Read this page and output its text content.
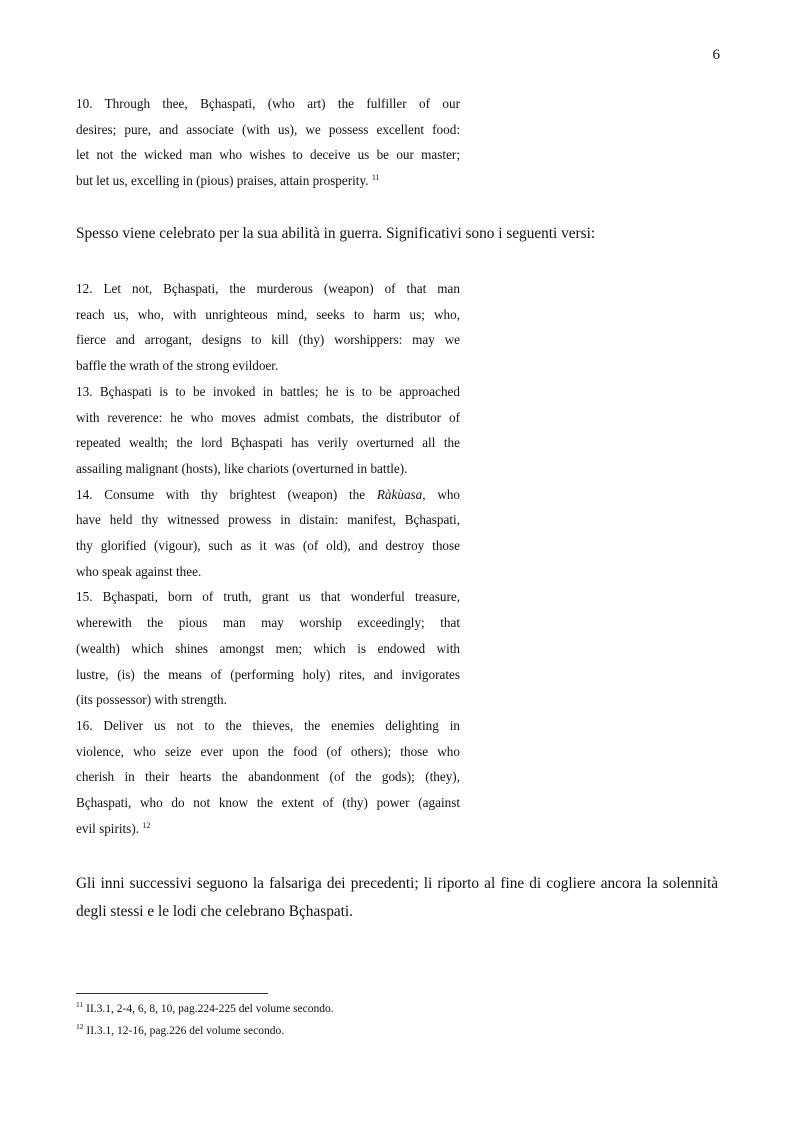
6

10. Through thee, Bçhaspati, (who art) the fulfiller of our

desires; pure, and associate (with us), we possess excellent food:

let not the wicked man who wishes to deceive us be our master;

but let us, excelling in (pious) praises, attain prosperity. $^{11}$

Spesso viene celebrato per la sua abilità in guerra. Significativi sono i seguenti versi:

12. Let not, Bçhaspati, the murderous (weapon) of that man

reach us, who, with unrighteous mind, seeks to harm us; who,

fierce and arrogant, designs to kill (thy) worshippers: may we

baffle the wrath of the strong evildoer.

13. Bçhaspati is to be invoked in battles; he is to be approached

with reverence: he who moves admist combats, the distributor of

repeated wealth; the lord Bçhaspati has verily overturned all the

assailing malignant (hosts), like chariots (overturned in battle).

14. Consume with thy brightest (weapon) the Ràkùasa, who

have held thy witnessed prowess in distain: manifest, Bçhaspati,

thy glorified (vigour), such as it was (of old), and destroy those

who speak against thee.

15. Bçhaspati, born of truth, grant us that wonderful treasure,

wherewith the pious man may worship exceedingly; that

(wealth) which shines amongst men; which is endowed with

lustre, (is) the means of (performing holy) rites, and invigorates

(its possessor) with strength.

16. Deliver us not to the thieves, the enemies delighting in

violence, who seize ever upon the food (of others); those who

cherish in their hearts the abandonment (of the gods); (they),

Bçhaspati, who do not know the extent of (thy) power (against

evil spirits). $^{12}$

Gli inni successivi seguono la falsariga dei precedenti; li riporto al fine di cogliere ancora la solennità degli stessi e le lodi che celebrano Bçhaspati.

$^{11}$ II.3.1, 2-4, 6, 8, 10, pag.224-225 del volume secondo.

$^{12}$ II.3.1, 12-16, pag.226 del volume secondo.
